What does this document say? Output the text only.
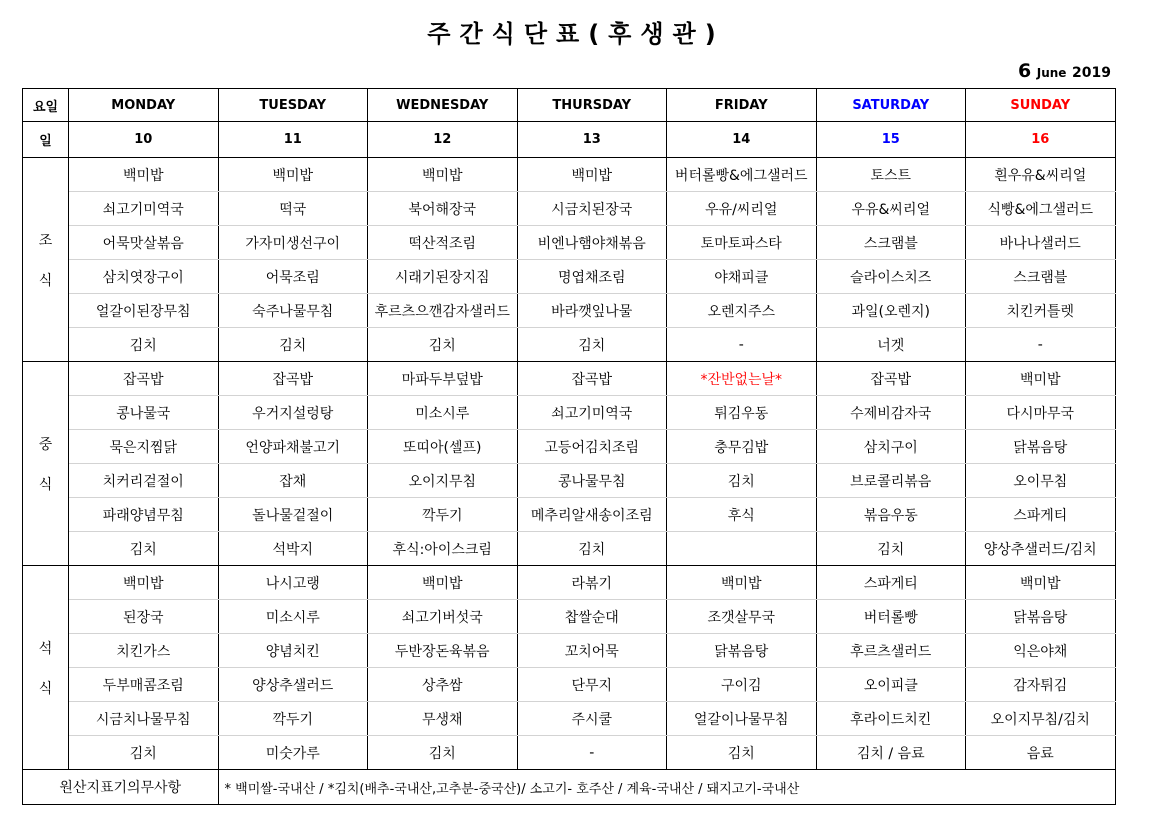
주간식단표(후생관)
6 June 2019
요일	MONDAY	TUESDAY	WEDNESDAY	THURSDAY	FRIDAY	SATURDAY	SUNDAY
일	10	11	12	13	14	15	16

조
식	백미밥	백미밥	백미밥	백미밥	버터롤빵&에그샐러드	토스트	흰우유&씨리얼
	쇠고기미역국	떡국	북어해장국	시금치된장국	우유/씨리얼	우유&씨리얼	식빵&에그샐러드
	어묵맛살볶음	가자미생선구이	떡산적조림	비엔나햄야채볶음	토마토파스타	스크램블	바나나샐러드
	삼치엿장구이	어묵조림	시래기된장지짐	명엽채조림	야채피클	슬라이스치즈	스크램블
	얼갈이된장무침	숙주나물무침	후르츠으깬감자샐러드	바라깻잎나물	오렌지주스	과일(오렌지)	치킨커틀렛
	김치	김치	김치	김치	-	너겟	-

중
식	잡곡밥	잡곡밥	마파두부덮밥	잡곡밥	*잔반없는날*	잡곡밥	백미밥
	콩나물국	우거지설렁탕	미소시루	쇠고기미역국	튀김우동	수제비감자국	다시마무국
	묵은지찜닭	언양파채불고기	또띠아(셀프)	고등어김치조림	충무김밥	삼치구이	닭볶음탕
	치커리겉절이	잡채	오이지무침	콩나물무침	김치	브로콜리볶음	오이무침
	파래양념무침	돌나물겉절이	깍두기	메추리알새송이조림	후식	볶음우동	스파게티
	김치	석박지	후식:아이스크림	김치		김치	양상추샐러드/김치

석
식	백미밥	나시고랭	백미밥	라볶기	백미밥	스파게티	백미밥
	된장국	미소시루	쇠고기버섯국	찹쌀순대	조갯살무국	버터롤빵	닭볶음탕
	치킨가스	양념치킨	두반장돈육볶음	꼬치어묵	닭볶음탕	후르츠샐러드	익은야채
	두부매콤조림	양상추샐러드	상추쌈	단무지	구이김	오이피클	감자튀김
	시금치나물무침	깍두기	무생채	주시쿨	얼갈이나물무침	후라이드치킨	오이지무침/김치
	김치	미숫가루	김치	-	김치	김치 / 음료	음료
원산지표기의무사항		* 백미쌀-국내산 / *김치(배추-국내산,고추분-중국산)/ 소고기- 호주산 / 계육-국내산 / 돼지고기-국내산					
